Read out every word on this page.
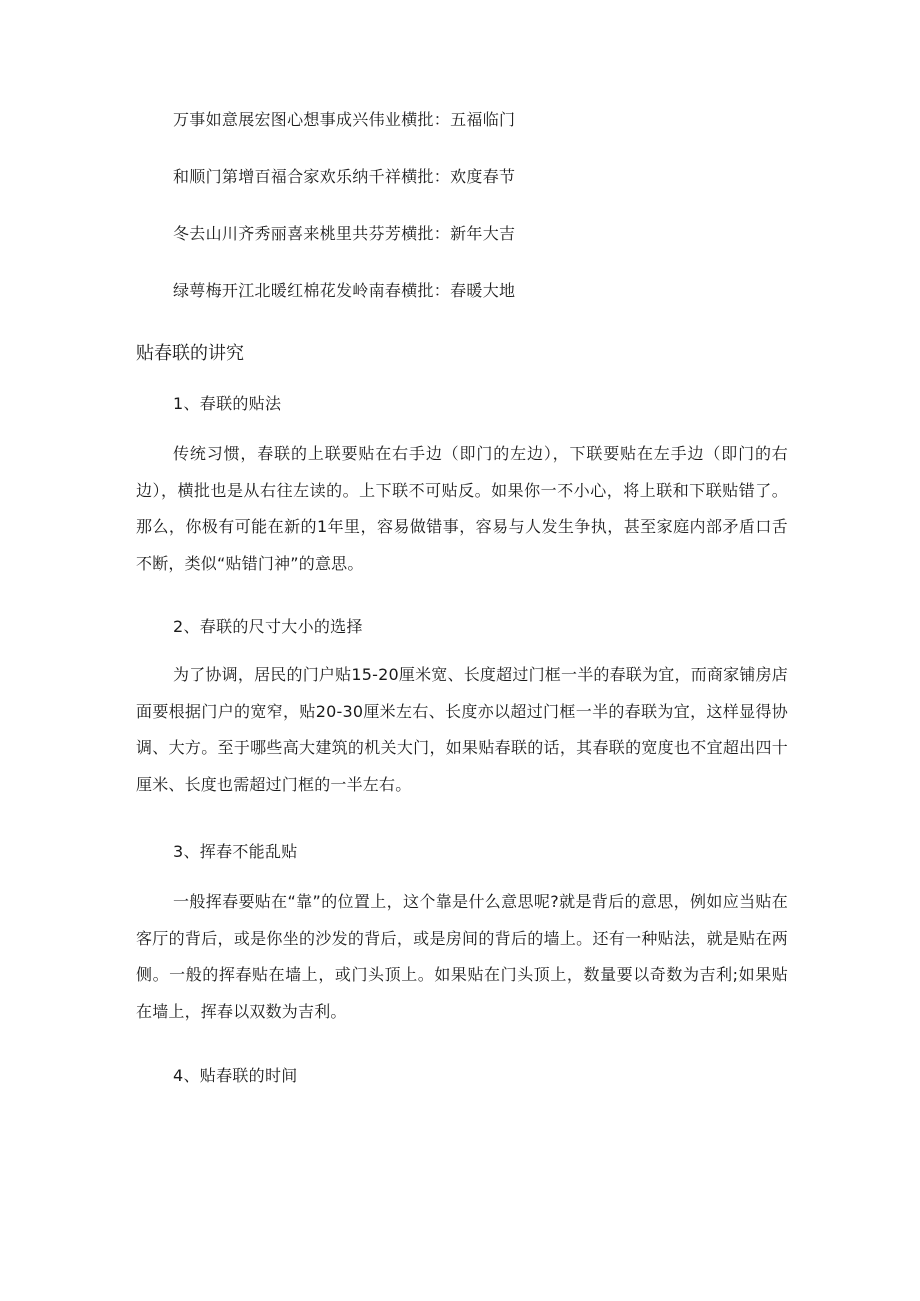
万事如意展宏图心想事成兴伟业横批：五福临门
和顺门第增百福合家欢乐纳千祥横批：欢度春节
冬去山川齐秀丽喜来桃里共芬芳横批：新年大吉
绿萼梅开江北暖红棉花发岭南春横批：春暖大地
贴春联的讲究
1、春联的贴法

传统习惯，春联的上联要贴在右手边（即门的左边），下联要贴在左手边（即门的右边），横批也是从右往左读的。上下联不可贴反。如果你一不小心，将上联和下联贴错了。那么，你极有可能在新的1年里，容易做错事，容易与人发生争执，甚至家庭内部矛盾口舌不断，类似“贴错门神”的意思。

2、春联的尺寸大小的选择

为了协调，居民的门户贴15-20厘米宽、长度超过门框一半的春联为宜，而商家铺房店面要根据门户的宽窄，贴20-30厘米左右、长度亦以超过门框一半的春联为宜，这样显得协调、大方。至于哪些高大建筑的机关大门，如果贴春联的话，其春联的宽度也不宜超出四十厘米、长度也需超过门框的一半左右。

3、挥春不能乱贴

一般挥春要贴在“靠”的位置上，这个靠是什么意思呢?就是背后的意思，例如应当贴在客厅的背后，或是你坐的沙发的背后，或是房间的背后的墙上。还有一种贴法，就是贴在两侧。一般的挥春贴在墙上，或门头顶上。如果贴在门头顶上，数量要以奇数为吉利;如果贴在墙上，挥春以双数为吉利。

4、贴春联的时间
